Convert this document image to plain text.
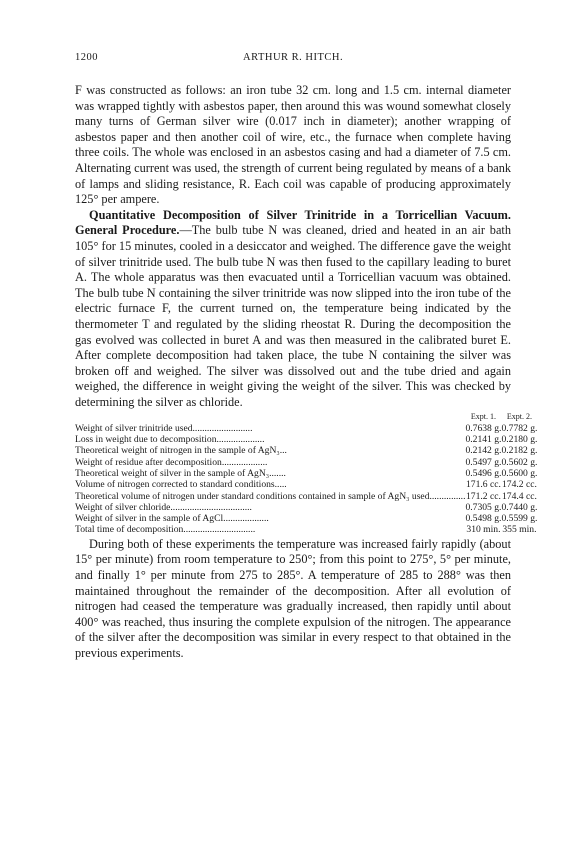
1200	ARTHUR R. HITCH.

F was constructed as follows: an iron tube 32 cm. long and 1.5 cm. internal diameter was wrapped tightly with asbestos paper, then around this was wound somewhat closely many turns of German silver wire (0.017 inch in diameter); another wrapping of asbestos paper and then another coil of wire, etc., the furnace when complete having three coils. The whole was enclosed in an asbestos casing and had a diameter of 7.5 cm. Alternating current was used, the strength of current being regulated by means of a bank of lamps and sliding resistance, R. Each coil was capable of producing approximately 125° per ampere.

Quantitative Decomposition of Silver Trinitride in a Torricellian Vacuum. General Procedure.—The bulb tube N was cleaned, dried and heated in an air bath 105° for 15 minutes, cooled in a desiccator and weighed. The difference gave the weight of silver trinitride used. The bulb tube N was then fused to the capillary leading to buret A. The whole apparatus was then evacuated until a Torricellian vacuum was obtained. The bulb tube N containing the silver trinitride was now slipped into the iron tube of the electric furnace F, the current turned on, the temperature being indicated by the thermometer T and regulated by the sliding rheostat R. During the decomposition the gas evolved was collected in buret A and was then measured in the calibrated buret E. After complete decomposition had taken place, the tube N containing the silver was broken off and weighed. The silver was dissolved out and the tube dried and again weighed, the difference in weight giving the weight of the silver. This was checked by determining the silver as chloride.

	Expt. 1.	Expt. 2.
Weight of silver trinitride used.........................	0.7638 g.	0.7782 g.
Loss in weight due to decomposition....................	0.2141 g.	0.2180 g.
Theoretical weight of nitrogen in the sample of AgN₃...	0.2142 g.	0.2182 g.
Weight of residue after decomposition...................	0.5497 g.	0.5602 g.
Theoretical weight of silver in the sample of AgN₃.......	0.5496 g.	0.5600 g.
Volume of nitrogen corrected to standard conditions.....	171.6 cc.	174.2 cc.
Theoretical volume of nitrogen under standard conditions contained in sample of AgN₃ used...............	171.2 cc.	174.4 cc.
Weight of silver chloride..................................	0.7305 g.	0.7440 g.
Weight of silver in the sample of AgCl...................	0.5498 g.	0.5599 g.
Total time of decomposition..............................	310 min.	355 min.

During both of these experiments the temperature was increased fairly rapidly (about 15° per minute) from room temperature to 250°; from this point to 275°, 5° per minute, and finally 1° per minute from 275 to 285°. A temperature of 285 to 288° was then maintained throughout the remainder of the decomposition. After all evolution of nitrogen had ceased the temperature was gradually increased, then rapidly until about 400° was reached, thus insuring the complete expulsion of the nitrogen. The appearance of the silver after the decomposition was similar in every respect to that obtained in the previous experiments.
